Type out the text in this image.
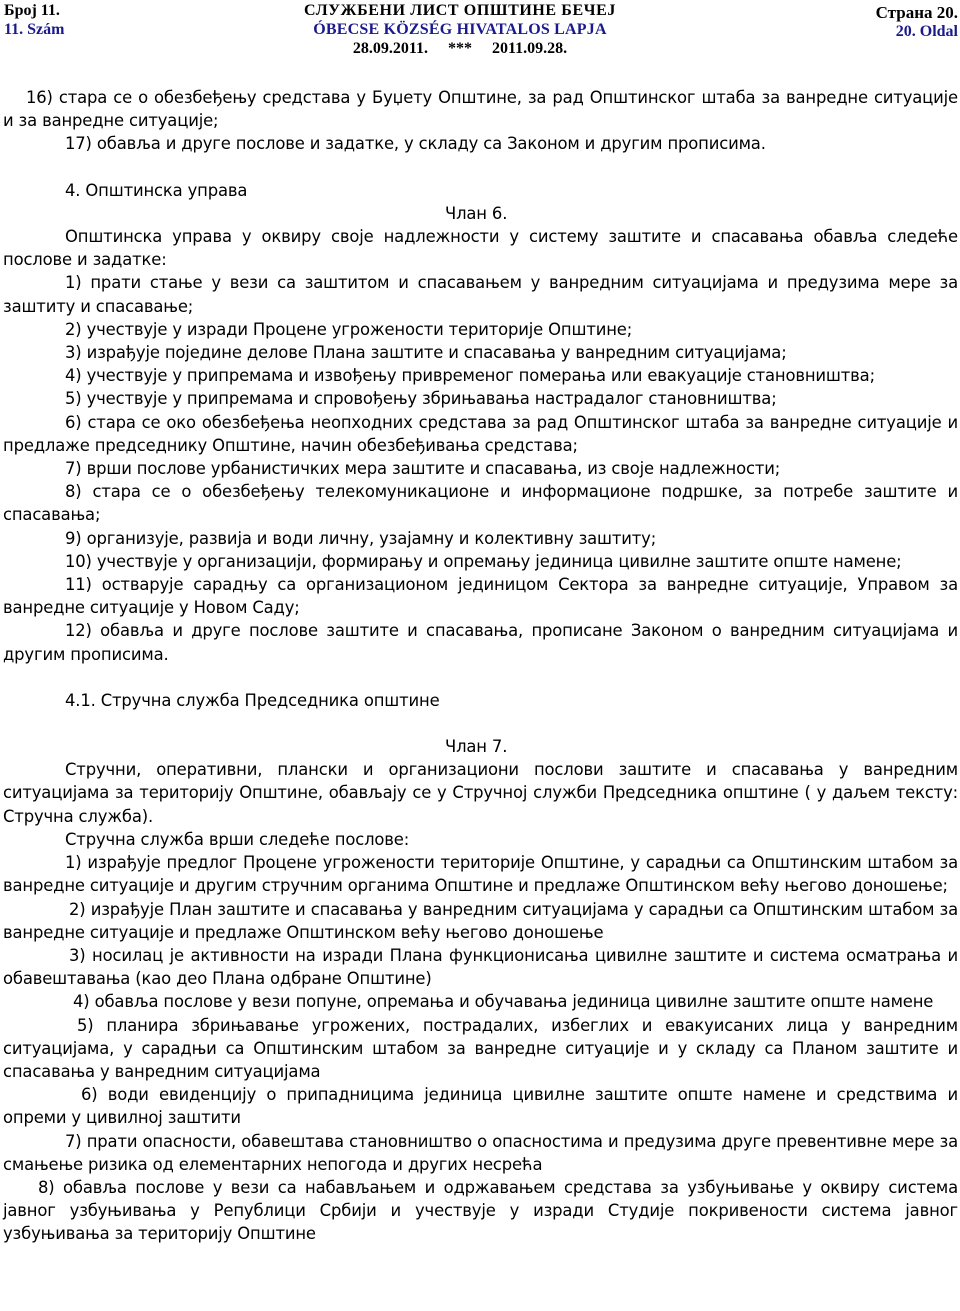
Број 11.
11. Szám
СЛУЖБЕНИ ЛИСТ ОПШТИНЕ БЕЧЕЈ
ÓBECSE KÖZSÉG HIVATALOS LAPJA
28.09.2011.     ***     2011.09.28.
Страна 20.
20. Oldal

16) стара се о обезбеђењу средстава у Буџету Општине, за рад Општинског штаба за ванредне ситуације и за ванредне ситуације;

17) обавља и друге послове и задатке, у складу са Законом и другим прописима.

4. Општинска управа

Члан 6.

Општинска управа у оквиру своје надлежности у систему заштите и спасавања обавља следеће послове и задатке:

1) прати стање у вези са заштитом и спасавањем у ванредним ситуацијама и предузима мере за заштиту и спасавање;

2) учествује у изради Процене угрожености територије Општине;

3) израђује поједине делове Плана заштите и спасавања у ванредним ситуацијама;

4) учествује у припремама и извођењу привременог померања или евакуације становништва;

5) учествује у припремама и спровођењу збрињавања настрадалог становништва;

6) стара се око обезбеђења неопходних средстава за рад Општинског штаба за ванредне ситуације и предлаже председнику Општине, начин обезбеђивања средстава;

7) врши послове урбанистичких мера заштите и спасавања, из своје надлежности;

8) стара се о обезбеђењу телекомуникационе и информационе подршке, за потребе заштите и спасавања;

9) организује, развија и води личну, узајамну и колективну заштиту;

10) учествује у организацији, формирању и опремању јединица цивилне заштите опште намене;

11) остварује сарадњу са организационом јединицом Сектора за ванредне ситуације, Управом за ванредне ситуације у Новом Саду;

12) обавља и друге послове заштите и спасавања, прописане Законом о ванредним ситуацијама и другим прописима.

4.1. Стручна служба Председника општине

Члан 7.

Стручни, оперативни, плански и организациони послови заштите и спасавања у ванредним ситуацијама за територију Општине, обављају се у Стручној служби Председника општине ( у даљем тексту: Стручна служба).

Стручна служба врши следеће послове:

1) израђује предлог Процене угрожености територије Општине, у сарадњи са Општинским штабом за ванредне ситуације и другим стручним органима Општине и предлаже Општинском већу његово доношење;

2) израђује План заштите и спасавања у ванредним ситуацијама у сарадњи са Општинским штабом за ванредне ситуације и предлаже Општинском већу његово доношење

3) носилац је активности на изради Плана функционисања цивилне заштите и система осматрања и обавештавања (као део Плана одбране Општине)

4) обавља послове у вези попуне, опремања и обучавања јединица цивилне заштите опште намене

5) планира збрињавање угрожених, пострадалих, избеглих и евакуисаних лица у ванредним ситуацијама, у сарадњи са Општинским штабом за ванредне ситуације и у складу са Планом заштите и спасавања у ванредним ситуацијама

6) води евиденцију о припадницима јединица цивилне заштите опште намене и средствима и опреми у цивилној заштити

7) прати опасности, обавештава становништво о опасностима и предузима друге превентивне мере за смањење ризика од елементарних непогода и других несрећа

8) обавља послове у вези са набављањем и одржавањем средстава за узбуњивање у оквиру система јавног узбуњивања у Републици Србији и учествује у изради Студије покривености система јавног узбуњивања за територију Општине
